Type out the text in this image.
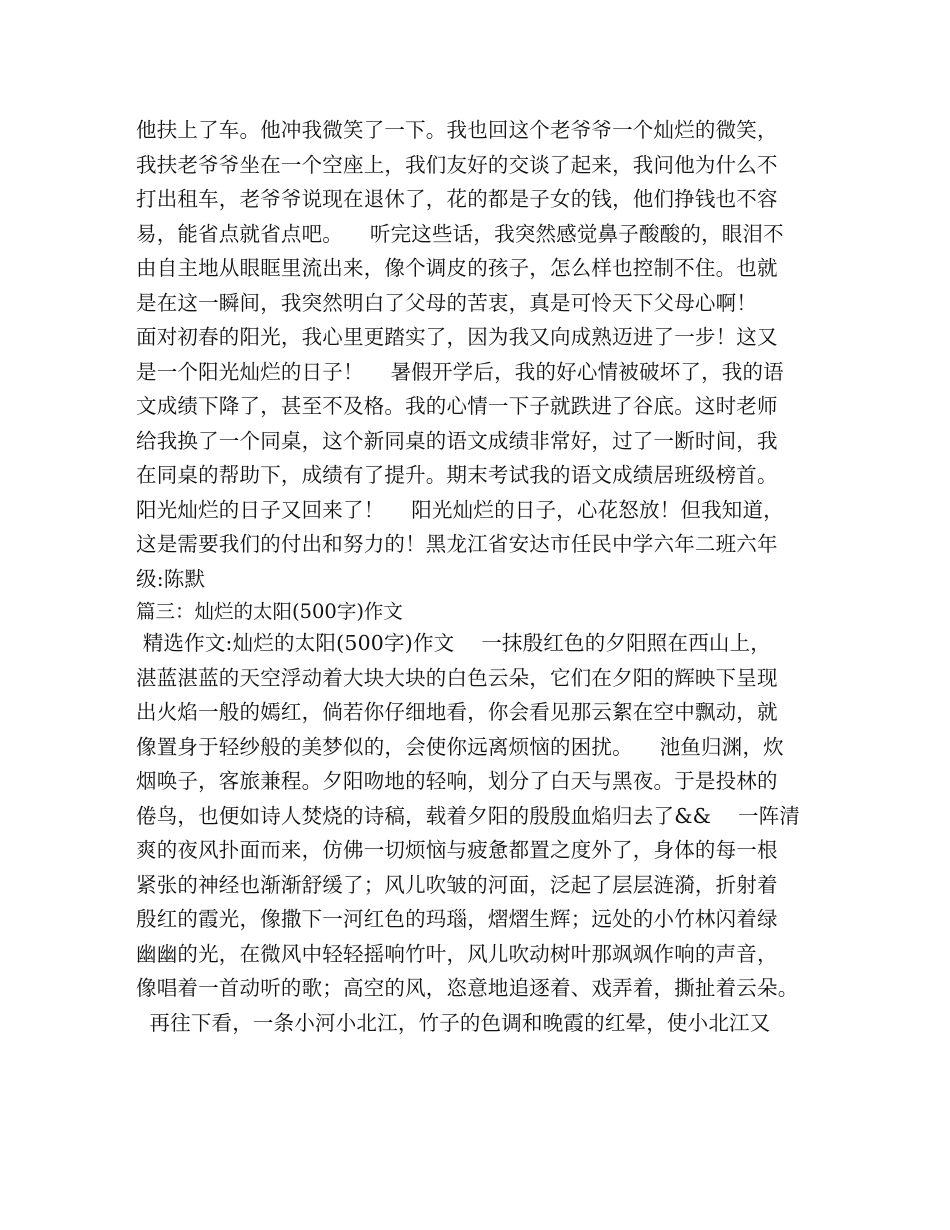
他扶上了车。他冲我微笑了一下。我也回这个老爷爷一个灿烂的微笑，
我扶老爷爷坐在一个空座上，我们友好的交谈了起来，我问他为什么不
打出租车，老爷爷说现在退休了，花的都是子女的钱，他们挣钱也不容
易，能省点就省点吧。    听完这些话，我突然感觉鼻子酸酸的，眼泪不
由自主地从眼眶里流出来，像个调皮的孩子，怎么样也控制不住。也就
是在这一瞬间，我突然明白了父母的苦衷，真是可怜天下父母心啊！
面对初春的阳光，我心里更踏实了，因为我又向成熟迈进了一步！这又
是一个阳光灿烂的日子！    暑假开学后，我的好心情被破坏了，我的语
文成绩下降了，甚至不及格。我的心情一下子就跌进了谷底。这时老师
给我换了一个同桌，这个新同桌的语文成绩非常好，过了一断时间，我
在同桌的帮助下，成绩有了提升。期末考试我的语文成绩居班级榜首。
阳光灿烂的日子又回来了！    阳光灿烂的日子，心花怒放！但我知道，
这是需要我们的付出和努力的！黑龙江省安达市任民中学六年二班六年
级:陈默
篇三：灿烂的太阳(500字)作文
精选作文:灿烂的太阳(500字)作文    一抹殷红色的夕阳照在西山上，
湛蓝湛蓝的天空浮动着大块大块的白色云朵，它们在夕阳的辉映下呈现
出火焰一般的嫣红，倘若你仔细地看，你会看见那云絮在空中飘动，就
像置身于轻纱般的美梦似的，会使你远离烦恼的困扰。    池鱼归渊，炊
烟唤子，客旅兼程。夕阳吻地的轻响，划分了白天与黑夜。于是投林的
倦鸟，也便如诗人焚烧的诗稿，载着夕阳的殷殷血焰归去了&&    一阵清
爽的夜风扑面而来，仿佛一切烦恼与疲惫都置之度外了，身体的每一根
紧张的神经也渐渐舒缓了；风儿吹皱的河面，泛起了层层涟漪，折射着
殷红的霞光，像撒下一河红色的玛瑙，熠熠生辉；远处的小竹林闪着绿
幽幽的光，在微风中轻轻摇响竹叶，风儿吹动树叶那飒飒作响的声音，
像唱着一首动听的歌；高空的风，恣意地追逐着、戏弄着，撕扯着云朵。
再往下看，一条小河小北江，竹子的色调和晚霞的红晕，使小北江又
